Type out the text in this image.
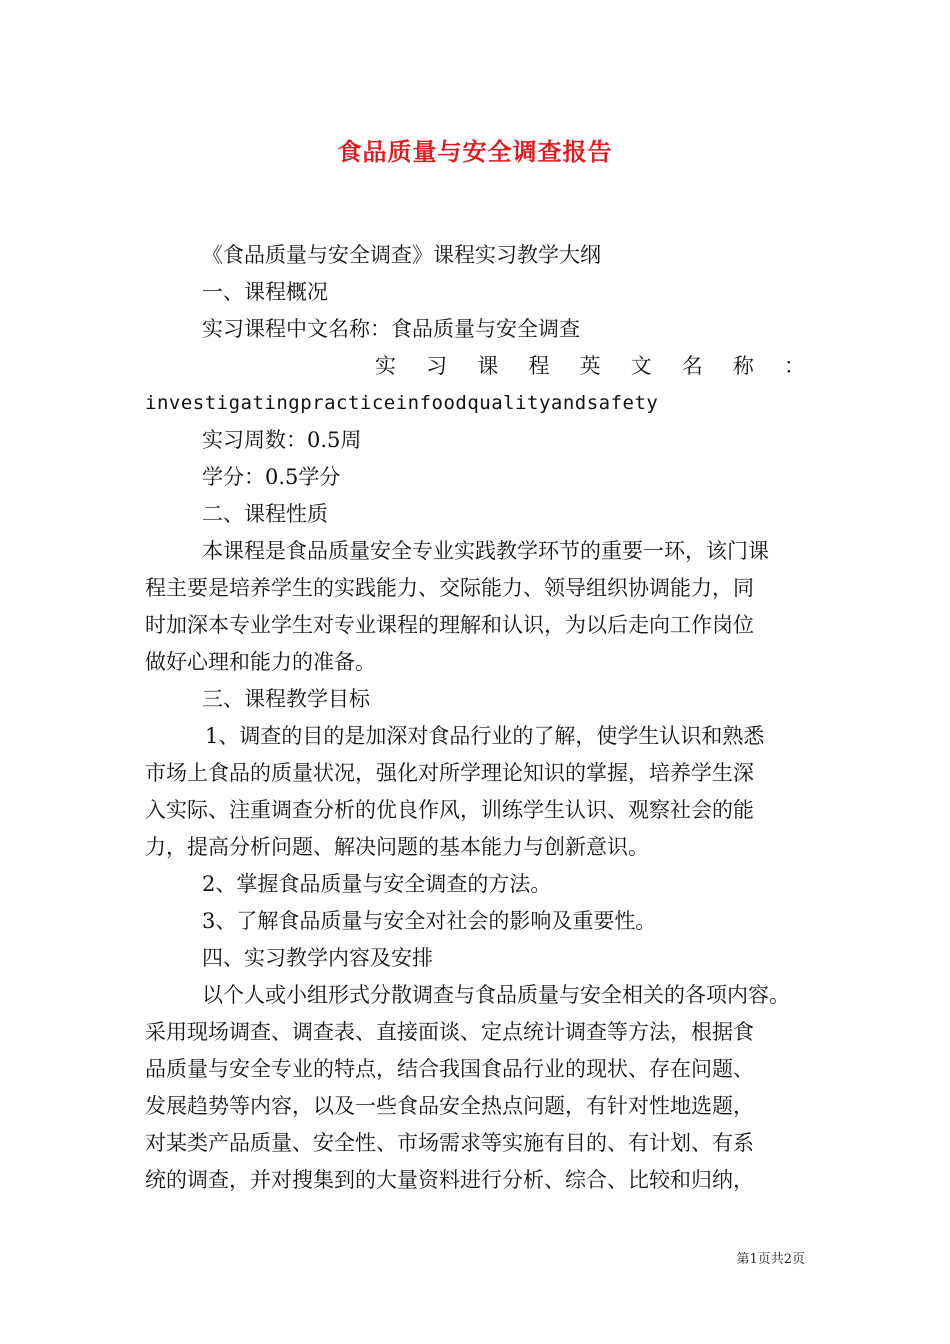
食品质量与安全调查报告
《食品质量与安全调查》课程实习教学大纲
一、课程概况
实习课程中文名称：食品质量与安全调查
实习课程英文名称：
investigatingpracticeinfoodqualityandsafety
实习周数：0.5周
学分：0.5学分
二、课程性质
本课程是食品质量安全专业实践教学环节的重要一环，该门课
程主要是培养学生的实践能力、交际能力、领导组织协调能力，同
时加深本专业学生对专业课程的理解和认识，为以后走向工作岗位
做好心理和能力的准备。
三、课程教学目标
1、调查的目的是加深对食品行业的了解，使学生认识和熟悉
市场上食品的质量状况，强化对所学理论知识的掌握，培养学生深
入实际、注重调查分析的优良作风，训练学生认识、观察社会的能
力，提高分析问题、解决问题的基本能力与创新意识。
2、掌握食品质量与安全调查的方法。
3、了解食品质量与安全对社会的影响及重要性。
四、实习教学内容及安排
以个人或小组形式分散调查与食品质量与安全相关的各项内容。
采用现场调查、调查表、直接面谈、定点统计调查等方法，根据食
品质量与安全专业的特点，结合我国食品行业的现状、存在问题、
发展趋势等内容，以及一些食品安全热点问题，有针对性地选题，
对某类产品质量、安全性、市场需求等实施有目的、有计划、有系
统的调查，并对搜集到的大量资料进行分析、综合、比较和归纳，
第1页共2页
